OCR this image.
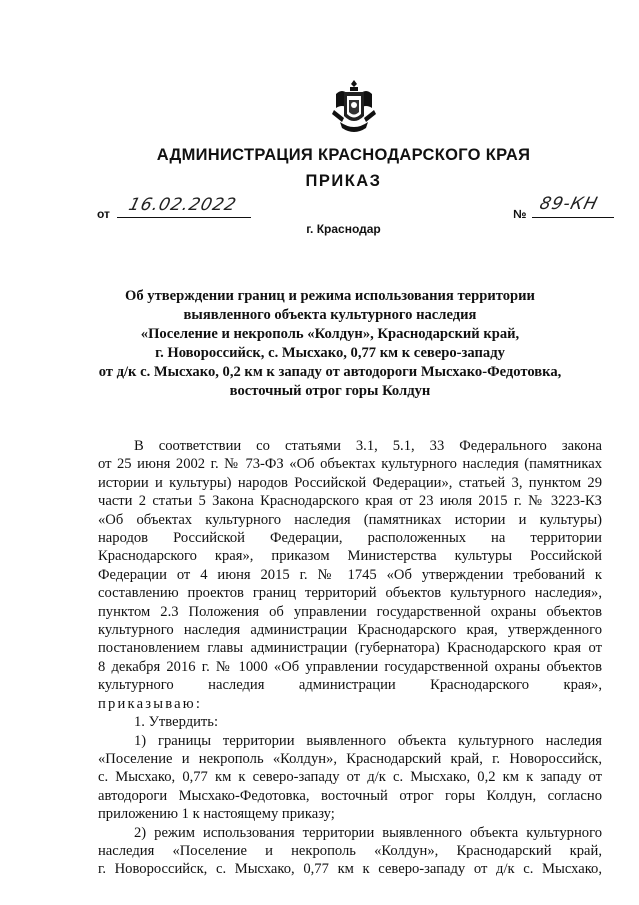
АДМИНИСТРАЦИЯ КРАСНОДАРСКОГО КРАЯ
ПРИКАЗ
от 16.02.2022	№ 89-КН
г. Краснодар
Об утверждении границ и режима использования территории
выявленного объекта культурного наследия
«Поселение и некрополь «Колдун», Краснодарский край,
г. Новороссийск, с. Мысхако, 0,77 км к северо-западу
от д/к с. Мысхако, 0,2 км к западу от автодороги Мысхако-Федотовка,
восточный отрог горы Колдун
В соответствии со статьями 3.1, 5.1, 33 Федерального закона
от 25 июня 2002 г. № 73-ФЗ «Об объектах культурного наследия (памятниках
истории и культуры) народов Российской Федерации», статьей 3, пунктом 29
части 2 статьи 5 Закона Краснодарского края от 23 июля 2015 г. № 3223-КЗ
«Об объектах культурного наследия (памятниках истории и культуры)
народов Российской Федерации, расположенных на территории
Краснодарского края», приказом Министерства культуры Российской
Федерации от 4 июня 2015 г. № 1745 «Об утверждении требований к
составлению проектов границ территорий объектов культурного наследия»,
пунктом 2.3 Положения об управлении государственной охраны объектов
культурного наследия администрации Краснодарского края, утвержденного
постановлением главы администрации (губернатора) Краснодарского края от
8 декабря 2016 г. № 1000 «Об управлении государственной охраны объектов
культурного наследия администрации Краснодарского края»,
приказываю:
1. Утвердить:
1) границы территории выявленного объекта культурного наследия
«Поселение и некрополь «Колдун», Краснодарский край, г. Новороссийск,
с. Мысхако, 0,77 км к северо-западу от д/к с. Мысхако, 0,2 км к западу от
автодороги Мысхако-Федотовка, восточный отрог горы Колдун, согласно
приложению 1 к настоящему приказу;
2) режим использования территории выявленного объекта культурного
наследия «Поселение и некрополь «Колдун», Краснодарский край,
г. Новороссийск, с. Мысхако, 0,77 км к северо-западу от д/к с. Мысхако,
